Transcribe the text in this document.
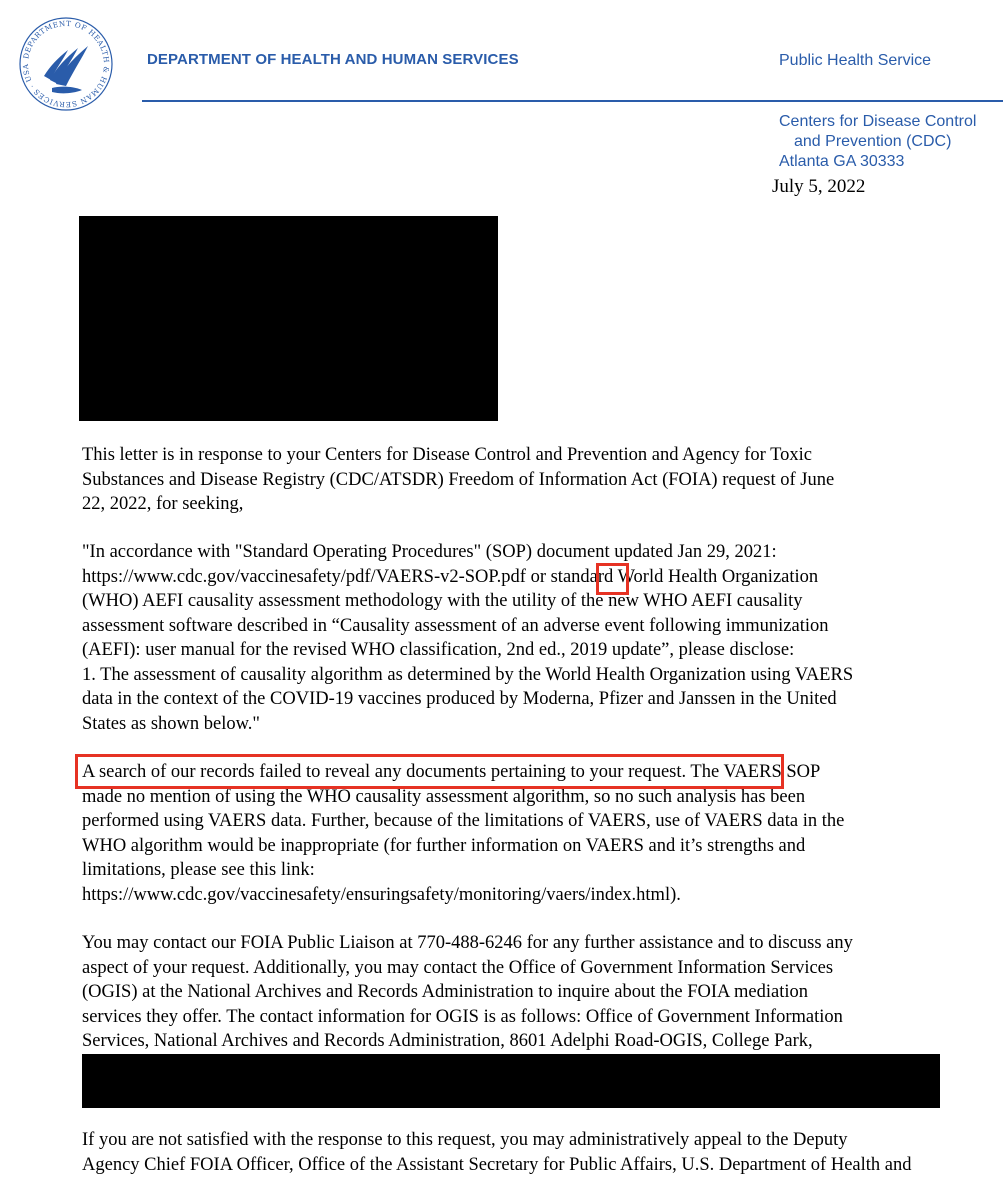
DEPARTMENT OF HEALTH & HUMAN SERVICES · USA	DEPARTMENT OF HEALTH AND HUMAN SERVICES	Public Health Service
Centers for Disease Control
and Prevention (CDC)
Atlanta GA 30333
July 5, 2022
This letter is in response to your Centers for Disease Control and Prevention and Agency for Toxic
Substances and Disease Registry (CDC/ATSDR) Freedom of Information Act (FOIA) request of June
22, 2022, for seeking,
"In accordance with "Standard Operating Procedures" (SOP) document updated Jan 29, 2021:
https://www.cdc.gov/vaccinesafety/pdf/VAERS-v2-SOP.pdf or standard World Health Organization
(WHO) AEFI causality assessment methodology with the utility of the new WHO AEFI causality
assessment software described in “Causality assessment of an adverse event following immunization
(AEFI): user manual for the revised WHO classification, 2nd ed., 2019 update”, please disclose:
1. The assessment of causality algorithm as determined by the World Health Organization using VAERS
data in the context of the COVID-19 vaccines produced by Moderna, Pfizer and Janssen in the United
States as shown below."
A search of our records failed to reveal any documents pertaining to your request. The VAERS SOP
made no mention of using the WHO causality assessment algorithm, so no such analysis has been
performed using VAERS data. Further, because of the limitations of VAERS, use of VAERS data in the
WHO algorithm would be inappropriate (for further information on VAERS and it’s strengths and
limitations, please see this link:
https://www.cdc.gov/vaccinesafety/ensuringsafety/monitoring/vaers/index.html).
You may contact our FOIA Public Liaison at 770-488-6246 for any further assistance and to discuss any
aspect of your request. Additionally, you may contact the Office of Government Information Services
(OGIS) at the National Archives and Records Administration to inquire about the FOIA mediation
services they offer. The contact information for OGIS is as follows: Office of Government Information
Services, National Archives and Records Administration, 8601 Adelphi Road-OGIS, College Park,
If you are not satisfied with the response to this request, you may administratively appeal to the Deputy
Agency Chief FOIA Officer, Office of the Assistant Secretary for Public Affairs, U.S. Department of Health and
